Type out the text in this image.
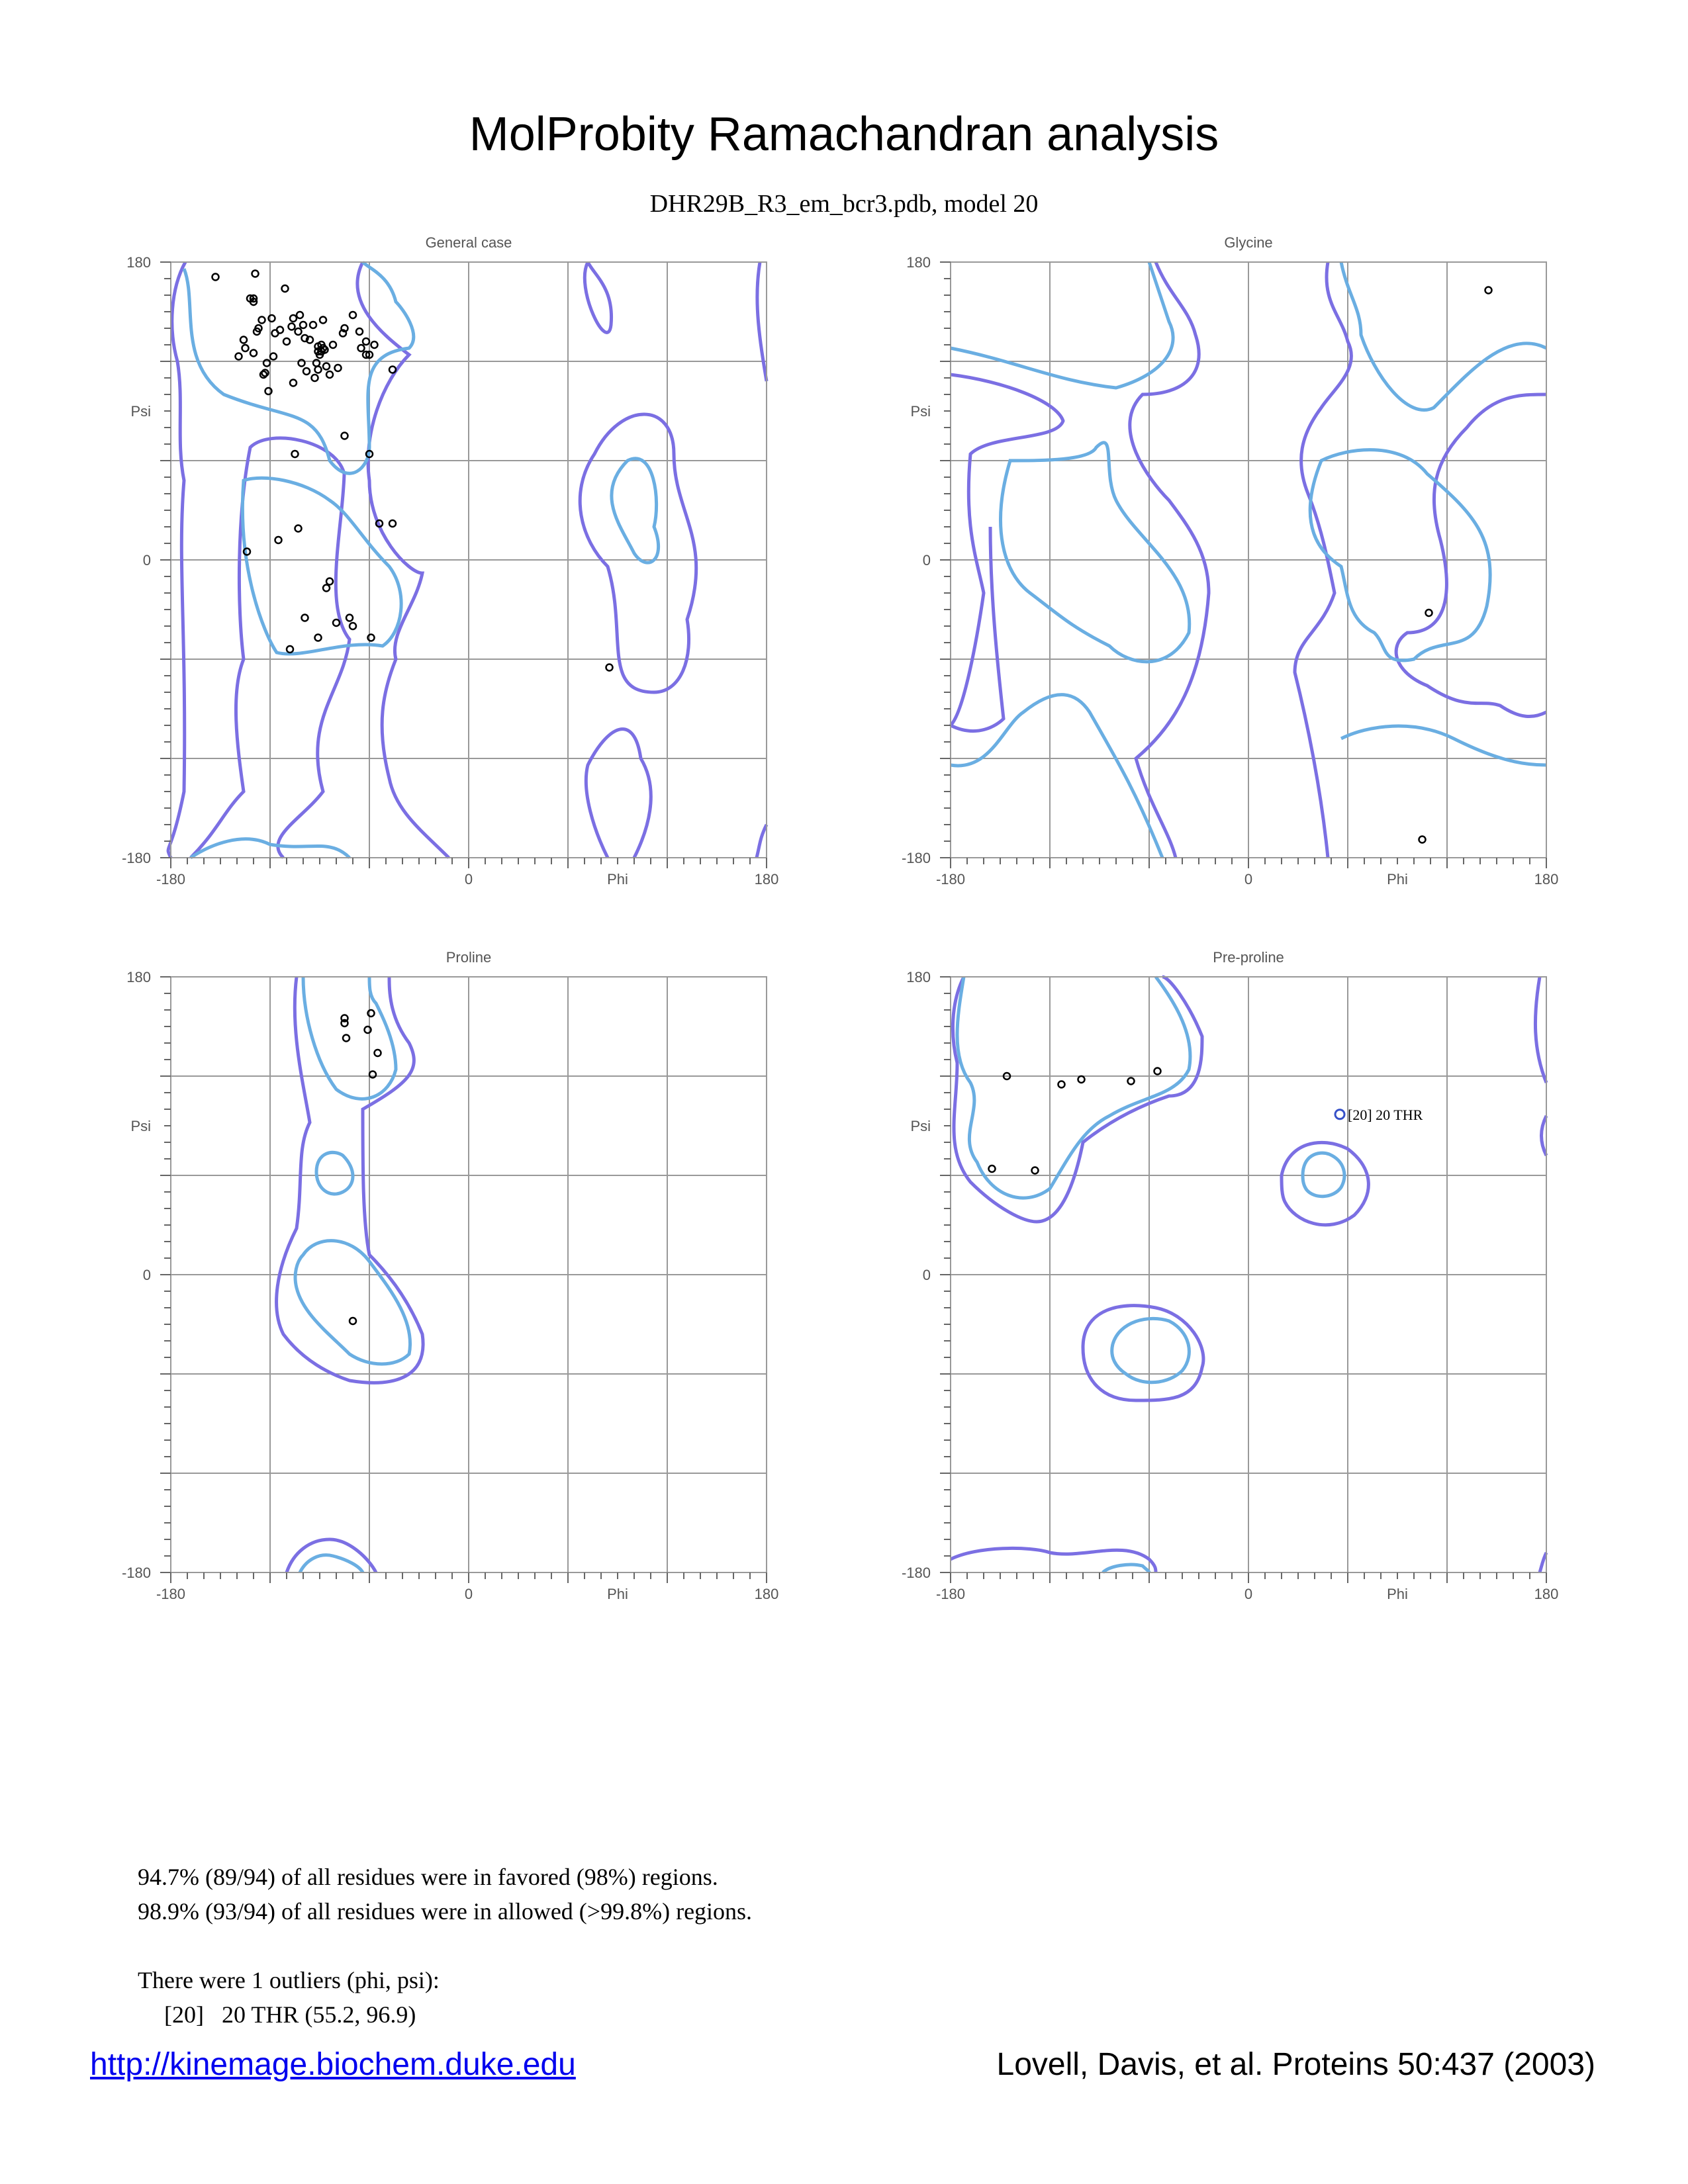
MolProbity Ramachandran analysis
DHR29B_R3_em_bcr3.pdb, model 20
General case
-180	0	180
-180
0
180
Phi
Psi
Glycine
-180	0	180
-180
0
180
Phi
Psi
Proline
-180	0	180
-180
0
180
Phi
Psi
Pre-proline
[20] 20 THR
-180	0	180
-180
0
180
Phi
Psi
94.7% (89/94) of all residues were in favored (98%) regions.
98.9% (93/94) of all residues were in allowed (>99.8%) regions.
There were 1 outliers (phi, psi):
[20]   20 THR (55.2, 96.9)
http://kinemage.biochem.duke.edu	Lovell, Davis, et al. Proteins 50:437 (2003)
